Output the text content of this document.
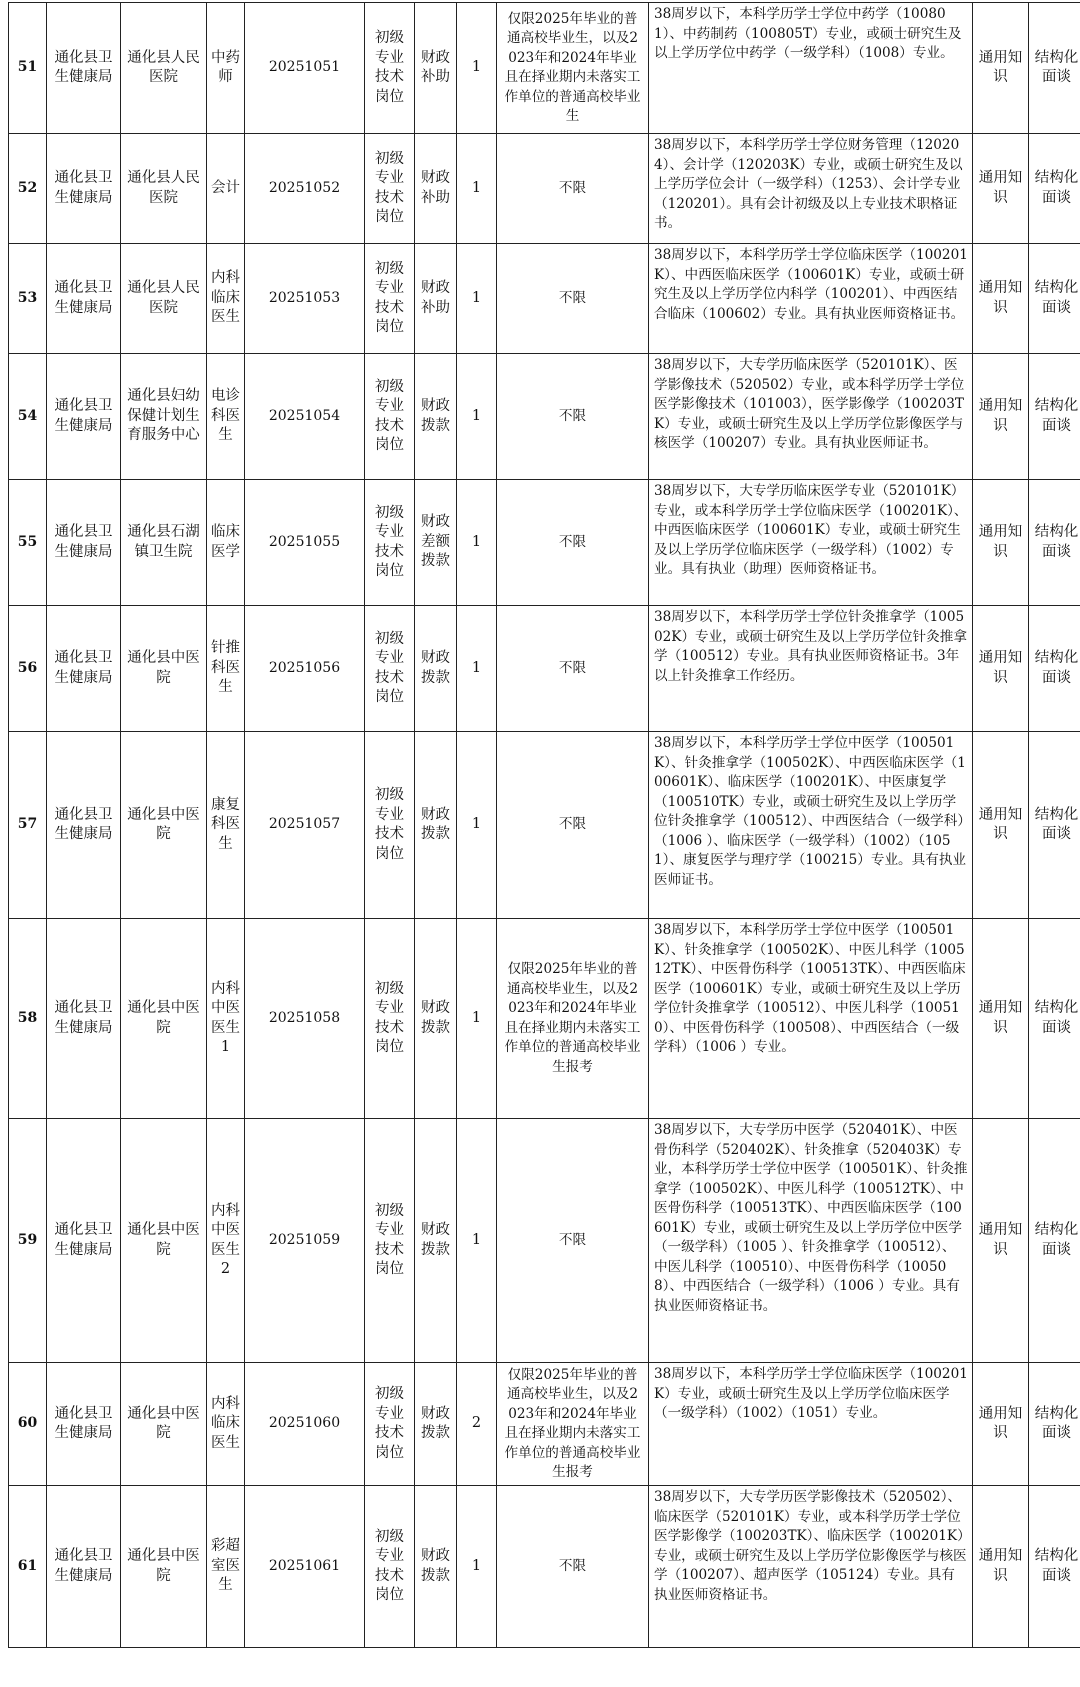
51	通化县卫生健康局	通化县人民医院	中药师	20251051	初级专业技术岗位	财政补助	1	仅限2025年毕业的普通高校毕业生，以及2023年和2024年毕业且在择业期内未落实工作单位的普通高校毕业生	38周岁以下，本科学历学士学位中药学（100801）、中药制药（100805T）专业，或硕士研究生及以上学历学位中药学（一级学科）（1008）专业。	通用知识	结构化面谈
52	通化县卫生健康局	通化县人民医院	会计	20251052	初级专业技术岗位	财政补助	1	不限	38周岁以下，本科学历学士学位财务管理（120204）、会计学（120203K）专业，或硕士研究生及以上学历学位会计（一级学科）（1253）、会计学专业（120201）。具有会计初级及以上专业技术职格证书。	通用知识	结构化面谈
53	通化县卫生健康局	通化县人民医院	内科临床医生	20251053	初级专业技术岗位	财政补助	1	不限	38周岁以下，本科学历学士学位临床医学（100201K）、中西医临床医学（100601K）专业，或硕士研究生及以上学历学位内科学（100201）、中西医结合临床（100602）专业。具有执业医师资格证书。	通用知识	结构化面谈
54	通化县卫生健康局	通化县妇幼保健计划生育服务中心	电诊科医生	20251054	初级专业技术岗位	财政拨款	1	不限	38周岁以下，大专学历临床医学（520101K）、医学影像技术（520502）专业，或本科学历学士学位医学影像技术（101003），医学影像学（100203TK）专业，或硕士研究生及以上学历学位影像医学与核医学（100207）专业。具有执业医师证书。	通用知识	结构化面谈
55	通化县卫生健康局	通化县石湖镇卫生院	临床医学	20251055	初级专业技术岗位	财政差额拨款	1	不限	38周岁以下，大专学历临床医学专业（520101K）专业，或本科学历学士学位临床医学（100201K）、中西医临床医学（100601K）专业，或硕士研究生及以上学历学位临床医学（一级学科）（1002）专业。具有执业（助理）医师资格证书。	通用知识	结构化面谈
56	通化县卫生健康局	通化县中医院	针推科医生	20251056	初级专业技术岗位	财政拨款	1	不限	38周岁以下，本科学历学士学位针灸推拿学（100502K）专业，或硕士研究生及以上学历学位针灸推拿学（100512）专业。具有执业医师资格证书。3年以上针灸推拿工作经历。	通用知识	结构化面谈
57	通化县卫生健康局	通化县中医院	康复科医生	20251057	初级专业技术岗位	财政拨款	1	不限	38周岁以下，本科学历学士学位中医学（100501K）、针灸推拿学（100502K）、中西医临床医学（100601K）、临床医学（100201K）、中医康复学（100510TK）专业，或硕士研究生及以上学历学位针灸推拿学（100512）、中西医结合（一级学科）（1006 ）、临床医学（一级学科）（1002）（1051）、康复医学与理疗学（100215）专业。具有执业医师证书。	通用知识	结构化面谈
58	通化县卫生健康局	通化县中医院	内科中医医生1	20251058	初级专业技术岗位	财政拨款	1	仅限2025年毕业的普通高校毕业生，以及2023年和2024年毕业且在择业期内未落实工作单位的普通高校毕业生报考	38周岁以下，本科学历学士学位中医学（100501K）、针灸推拿学（100502K）、中医儿科学（100512TK）、中医骨伤科学（100513TK）、中西医临床医学（100601K）专业，或硕士研究生及以上学历学位针灸推拿学（100512）、中医儿科学（100510）、中医骨伤科学（100508）、中西医结合（一级学科）（1006 ）专业。	通用知识	结构化面谈
59	通化县卫生健康局	通化县中医院	内科中医医生2	20251059	初级专业技术岗位	财政拨款	1	不限	38周岁以下，大专学历中医学（520401K）、中医骨伤科学（520402K）、针灸推拿（520403K）专业，本科学历学士学位中医学（100501K）、针灸推拿学（100502K）、中医儿科学（100512TK）、中医骨伤科学（100513TK）、中西医临床医学（100601K）专业，或硕士研究生及以上学历学位中医学（一级学科）（1005 ）、针灸推拿学（100512）、中医儿科学（100510）、中医骨伤科学（100508）、中西医结合（一级学科）（1006 ）专业。具有执业医师资格证书。	通用知识	结构化面谈
60	通化县卫生健康局	通化县中医院	内科临床医生	20251060	初级专业技术岗位	财政拨款	2	仅限2025年毕业的普通高校毕业生，以及2023年和2024年毕业且在择业期内未落实工作单位的普通高校毕业生报考	38周岁以下，本科学历学士学位临床医学（100201K）专业，或硕士研究生及以上学历学位临床医学（一级学科）（1002）（1051）专业。	通用知识	结构化面谈
61	通化县卫生健康局	通化县中医院	彩超室医生	20251061	初级专业技术岗位	财政拨款	1	不限	38周岁以下，大专学历医学影像技术（520502）、临床医学（520101K）专业，或本科学历学士学位医学影像学（100203TK）、临床医学（100201K）专业，或硕士研究生及以上学历学位影像医学与核医学（100207）、超声医学（105124）专业。具有执业医师资格证书。	通用知识	结构化面谈
